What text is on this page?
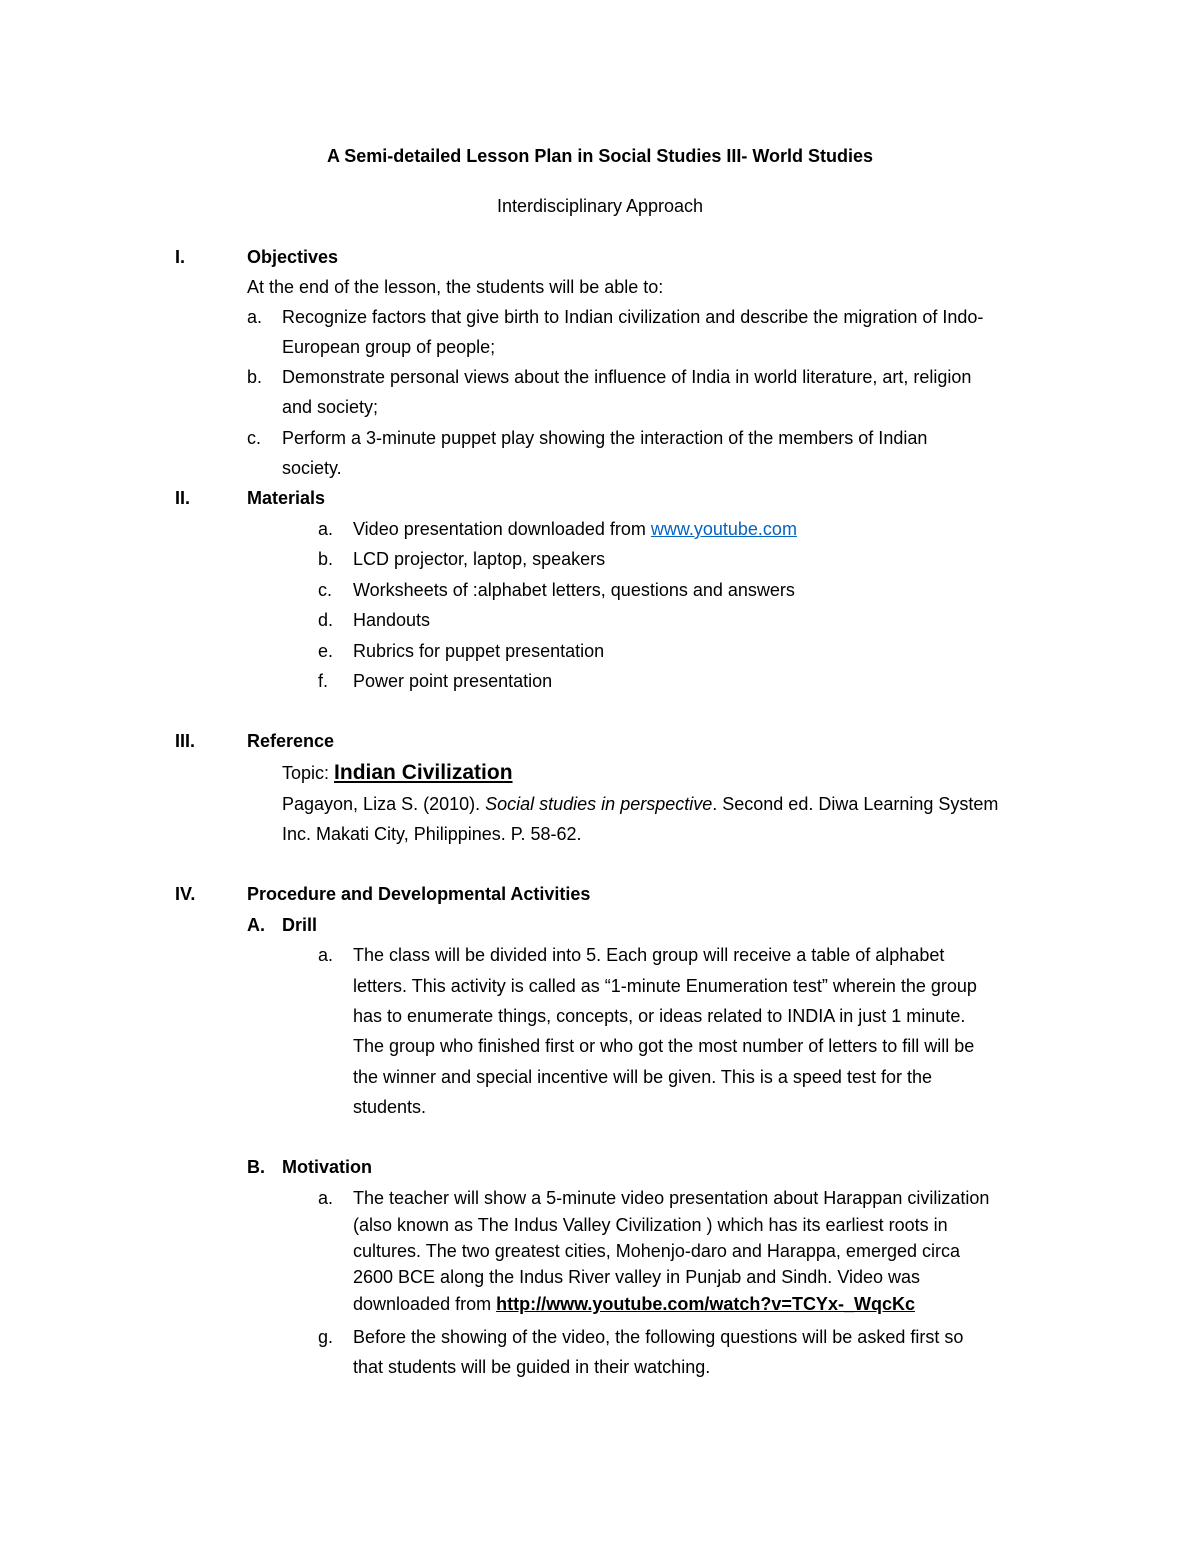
A Semi-detailed Lesson Plan in Social Studies III- World Studies
Interdisciplinary Approach
I.	Objectives
At the end of the lesson, the students will be able to:
a. Recognize factors that give birth to Indian civilization and describe the migration of Indo-
European group of people;
b. Demonstrate personal views about the influence of India in world literature, art, religion
and society;
c. Perform a 3-minute puppet play showing the interaction of the members of Indian
society.
II.	Materials
a. Video presentation downloaded from www.youtube.com
b. LCD projector, laptop, speakers
c. Worksheets of :alphabet letters, questions and answers
d. Handouts
e. Rubrics for puppet presentation
f. Power point presentation
III.	Reference
Topic: Indian Civilization
Pagayon, Liza S. (2010). Social studies in perspective. Second ed. Diwa Learning System
Inc. Makati City, Philippines. P. 58-62.
IV.	Procedure and Developmental Activities
A. Drill
a. The class will be divided into 5. Each group will receive a table of alphabet
letters. This activity is called as “1-minute Enumeration test” wherein the group
has to enumerate things, concepts, or ideas related to INDIA in just 1 minute.
The group who finished first or who got the most number of letters to fill will be
the winner and special incentive will be given. This is a speed test for the
students.
B. Motivation
a. The teacher will show a 5-minute video presentation about Harappan civilization
(also known as The Indus Valley Civilization ) which has its earliest roots in
cultures. The two greatest cities, Mohenjo-daro and Harappa, emerged circa
2600 BCE along the Indus River valley in Punjab and Sindh. Video was
downloaded from http://www.youtube.com/watch?v=TCYx-_WqcKc
g. Before the showing of the video, the following questions will be asked first so
that students will be guided in their watching.
